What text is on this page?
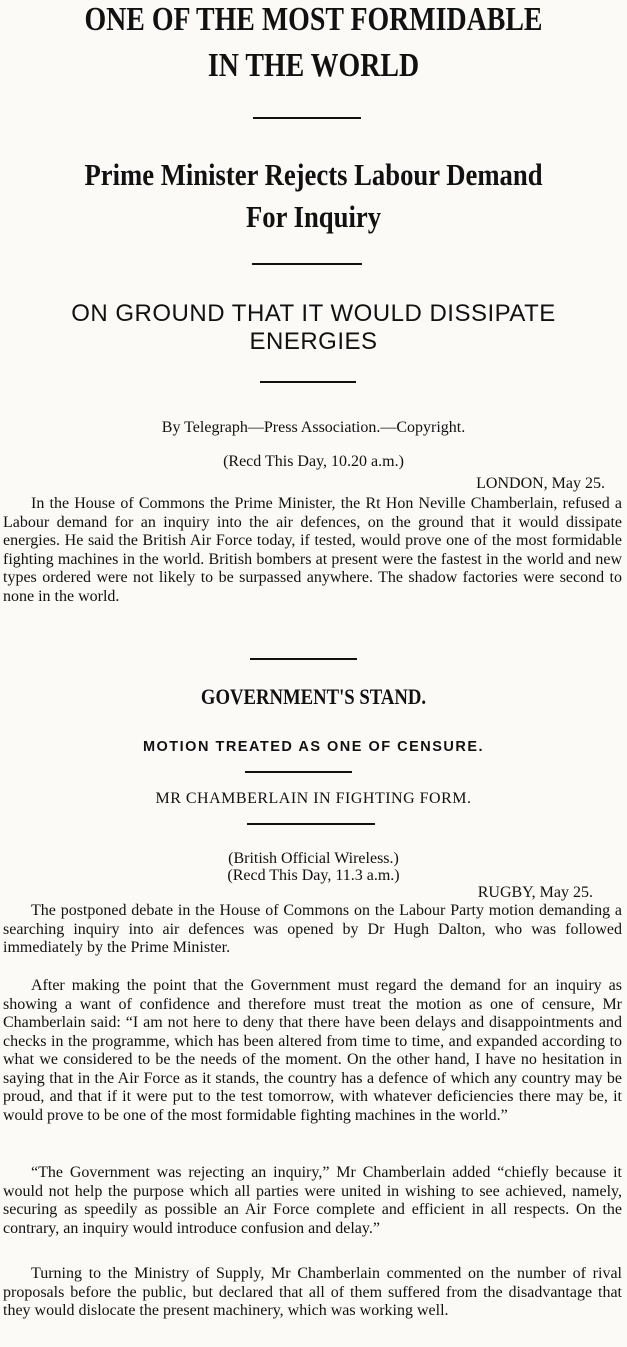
ONE OF THE MOST FORMIDABLE
IN THE WORLD
Prime Minister Rejects Labour Demand
For Inquiry
ON GROUND THAT IT WOULD DISSIPATE
ENERGIES
By Telegraph—Press Association.—Copyright.
(Recd This Day, 10.20 a.m.)
LONDON, May 25.
In the House of Commons the Prime Minister, the Rt Hon Neville Chamberlain, refused a Labour demand for an inquiry into the air defences, on the ground that it would dissipate energies. He said the British Air Force today, if tested, would prove one of the most formidable fighting machines in the world. British bombers at present were the fastest in the world and new types ordered were not likely to be surpassed anywhere. The shadow factories were second to none in the world.
GOVERNMENT'S STAND.
MOTION TREATED AS ONE OF CENSURE.
MR CHAMBERLAIN IN FIGHTING FORM.
(British Official Wireless.)
(Recd This Day, 11.3 a.m.)
RUGBY, May 25.
The postponed debate in the House of Commons on the Labour Party motion demanding a searching inquiry into air defences was opened by Dr Hugh Dalton, who was followed immediately by the Prime Minister.
After making the point that the Government must regard the demand for an inquiry as showing a want of confidence and therefore must treat the motion as one of censure, Mr Chamberlain said: “I am not here to deny that there have been delays and disappointments and checks in the programme, which has been altered from time to time, and expanded according to what we considered to be the needs of the moment. On the other hand, I have no hesitation in saying that in the Air Force as it stands, the country has a defence of which any country may be proud, and that if it were put to the test tomorrow, with whatever deficiencies there may be, it would prove to be one of the most formidable fighting machines in the world.”
“The Government was rejecting an inquiry,” Mr Chamberlain added “chiefly because it would not help the purpose which all parties were united in wishing to see achieved, namely, securing as speedily as possible an Air Force complete and efficient in all respects. On the contrary, an inquiry would introduce confusion and delay.”
Turning to the Ministry of Supply, Mr Chamberlain commented on the number of rival proposals before the public, but declared that all of them suffered from the disadvantage that they would dislocate the present machinery, which was working well.
